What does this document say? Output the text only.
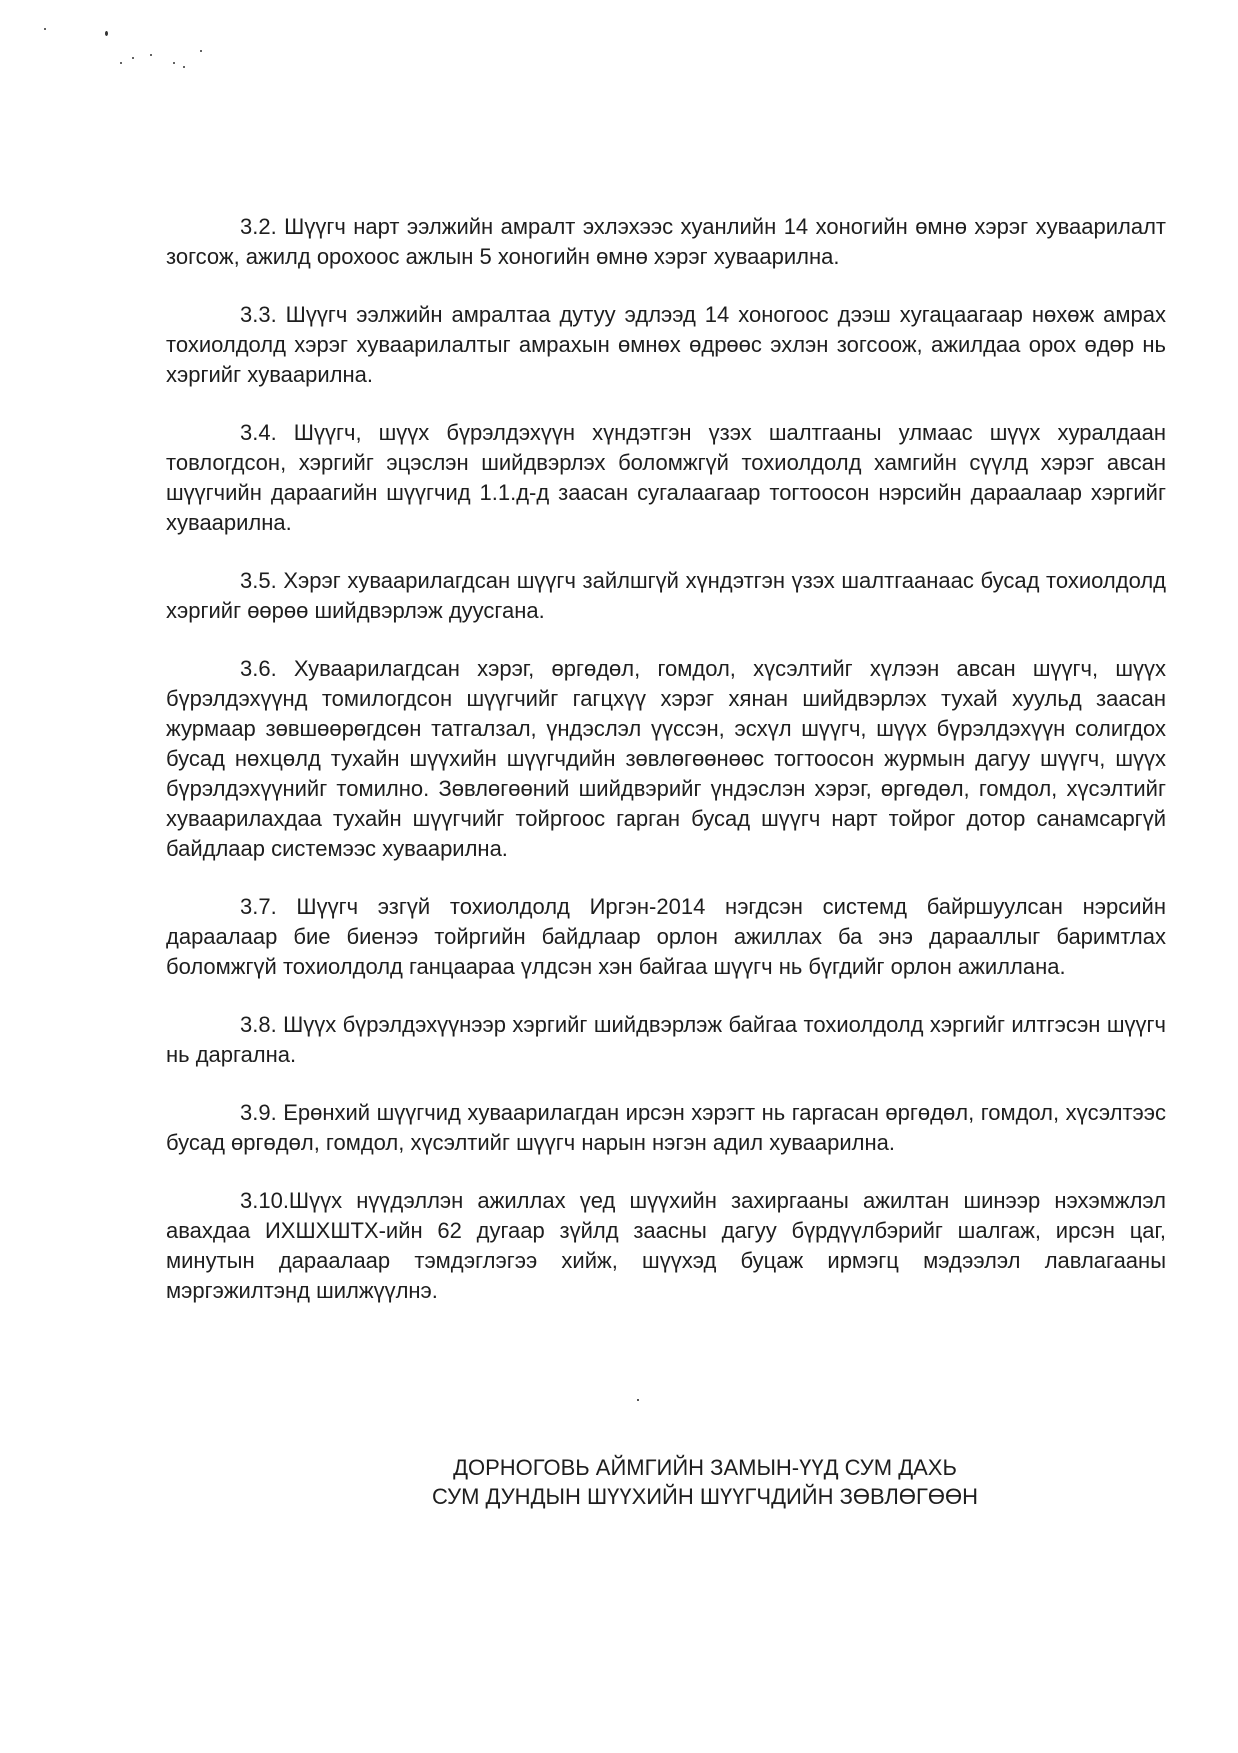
3.2. Шүүгч нарт ээлжийн амралт эхлэхээс хуанлийн 14 хоногийн өмнө хэрэг хуваарилалт зогсож, ажилд орохоос ажлын 5 хоногийн өмнө хэрэг хуваарилна.

3.3. Шүүгч ээлжийн амралтаа дутуу эдлээд 14 хоногоос дээш хугацаагаар нөхөж амрах тохиолдолд хэрэг хуваарилалтыг амрахын өмнөх өдрөөс эхлэн зогсоож, ажилдаа орох өдөр нь хэргийг хуваарилна.

3.4. Шүүгч, шүүх бүрэлдэхүүн хүндэтгэн үзэх шалтгааны улмаас шүүх хуралдаан товлогдсон, хэргийг эцэслэн шийдвэрлэх боломжгүй тохиолдолд хамгийн сүүлд хэрэг авсан шүүгчийн дараагийн шүүгчид 1.1.д-д заасан сугалаагаар тогтоосон нэрсийн дараалаар хэргийг хуваарилна.

3.5. Хэрэг хуваарилагдсан шүүгч зайлшгүй хүндэтгэн үзэх шалтгаанаас бусад тохиолдолд хэргийг өөрөө шийдвэрлэж дуусгана.

3.6. Хуваарилагдсан хэрэг, өргөдөл, гомдол, хүсэлтийг хүлээн авсан шүүгч, шүүх бүрэлдэхүүнд томилогдсон шүүгчийг гагцхүү хэрэг хянан шийдвэрлэх тухай хуульд заасан журмаар зөвшөөрөгдсөн татгалзал, үндэслэл үүссэн, эсхүл шүүгч, шүүх бүрэлдэхүүн солигдох бусад нөхцөлд тухайн шүүхийн шүүгчдийн зөвлөгөөнөөс тогтоосон журмын дагуу шүүгч, шүүх бүрэлдэхүүнийг томилно. Зөвлөгөөний шийдвэрийг үндэслэн хэрэг, өргөдөл, гомдол, хүсэлтийг хуваарилахдаа тухайн шүүгчийг тойргоос гарган бусад шүүгч нарт тойрог дотор санамсаргүй байдлаар системээс хуваарилна.

3.7. Шүүгч эзгүй тохиолдолд Иргэн-2014 нэгдсэн системд байршуулсан нэрсийн дараалаар бие биенээ тойргийн байдлаар орлон ажиллах ба энэ дарааллыг баримтлах боломжгүй тохиолдолд ганцаараа үлдсэн хэн байгаа шүүгч нь бүгдийг орлон ажиллана.

3.8. Шүүх бүрэлдэхүүнээр хэргийг шийдвэрлэж байгаа тохиолдолд хэргийг илтгэсэн шүүгч нь даргална.

3.9. Ерөнхий шүүгчид хуваарилагдан ирсэн хэрэгт нь гаргасан өргөдөл, гомдол, хүсэлтээс бусад өргөдөл, гомдол, хүсэлтийг шүүгч нарын нэгэн адил хуваарилна.

3.10.Шүүх нүүдэллэн ажиллах үед шүүхийн захиргааны ажилтан шинээр нэхэмжлэл авахдаа ИХШХШТХ-ийн 62 дугаар зүйлд заасны дагуу бүрдүүлбэрийг шалгаж, ирсэн цаг, минутын дараалаар тэмдэглэгээ хийж, шүүхэд буцаж ирмэгц мэдээлэл лавлагааны мэргэжилтэнд шилжүүлнэ.

ДОРНОГОВЬ АЙМГИЙН ЗАМЫН-ҮҮД СУМ ДАХЬ
СУМ ДУНДЫН ШҮҮХИЙН ШҮҮГЧДИЙН ЗӨВЛӨГӨӨН
